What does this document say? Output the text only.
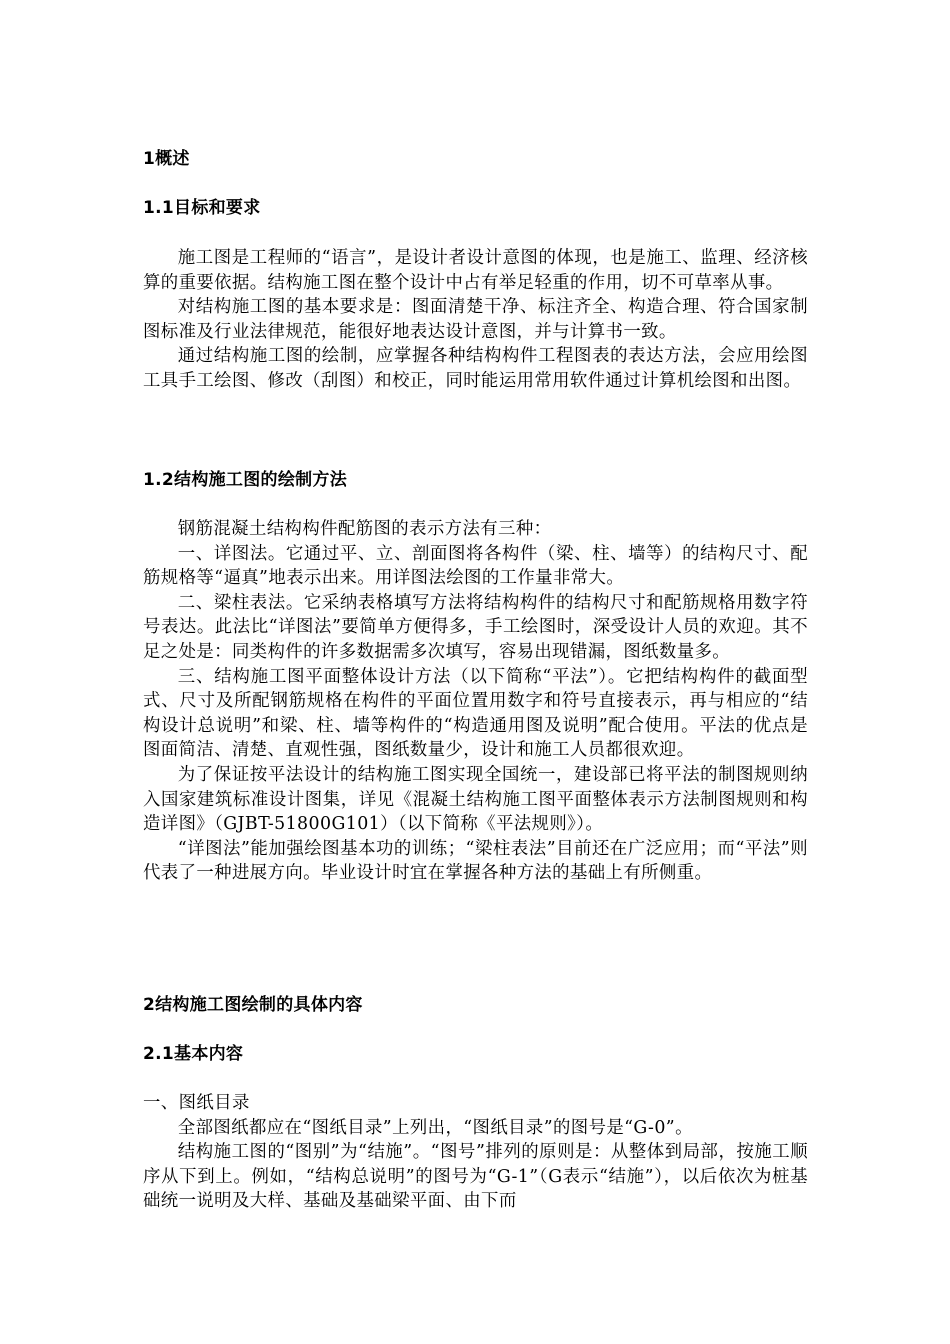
1概述
1.1目标和要求

施工图是工程师的“语言”，是设计者设计意图的体现，也是施工、监理、经济核算的重要依据。结构施工图在整个设计中占有举足轻重的作用，切不可草率从事。

对结构施工图的基本要求是：图面清楚干净、标注齐全、构造合理、符合国家制图标准及行业法律规范，能很好地表达设计意图，并与计算书一致。

通过结构施工图的绘制，应掌握各种结构构件工程图表的表达方法，会应用绘图工具手工绘图、修改（刮图）和校正，同时能运用常用软件通过计算机绘图和出图。

1.2结构施工图的绘制方法

钢筋混凝土结构构件配筋图的表示方法有三种：

一、详图法。它通过平、立、剖面图将各构件（梁、柱、墙等）的结构尺寸、配筋规格等“逼真”地表示出来。用详图法绘图的工作量非常大。

二、梁柱表法。它采纳表格填写方法将结构构件的结构尺寸和配筋规格用数字符号表达。此法比“详图法”要简单方便得多，手工绘图时，深受设计人员的欢迎。其不足之处是：同类构件的许多数据需多次填写，容易出现错漏，图纸数量多。

三、结构施工图平面整体设计方法（以下简称“平法”）。它把结构构件的截面型式、尺寸及所配钢筋规格在构件的平面位置用数字和符号直接表示，再与相应的“结构设计总说明”和梁、柱、墙等构件的“构造通用图及说明”配合使用。平法的优点是图面简洁、清楚、直观性强，图纸数量少，设计和施工人员都很欢迎。

为了保证按平法设计的结构施工图实现全国统一，建设部已将平法的制图规则纳入国家建筑标准设计图集，详见《混凝土结构施工图平面整体表示方法制图规则和构造详图》（GJBT-51800G101）（以下简称《平法规则》）。

“详图法”能加强绘图基本功的训练；“梁柱表法”目前还在广泛应用；而“平法”则代表了一种进展方向。毕业设计时宜在掌握各种方法的基础上有所侧重。

2结构施工图绘制的具体内容
2.1基本内容

一、图纸目录

全部图纸都应在“图纸目录”上列出，“图纸目录”的图号是“G-0”。

结构施工图的“图别”为“结施”。“图号”排列的原则是：从整体到局部，按施工顺序从下到上。例如，“结构总说明”的图号为“G-1”（G表示“结施”），以后依次为桩基础统一说明及大样、基础及基础梁平面、由下而
